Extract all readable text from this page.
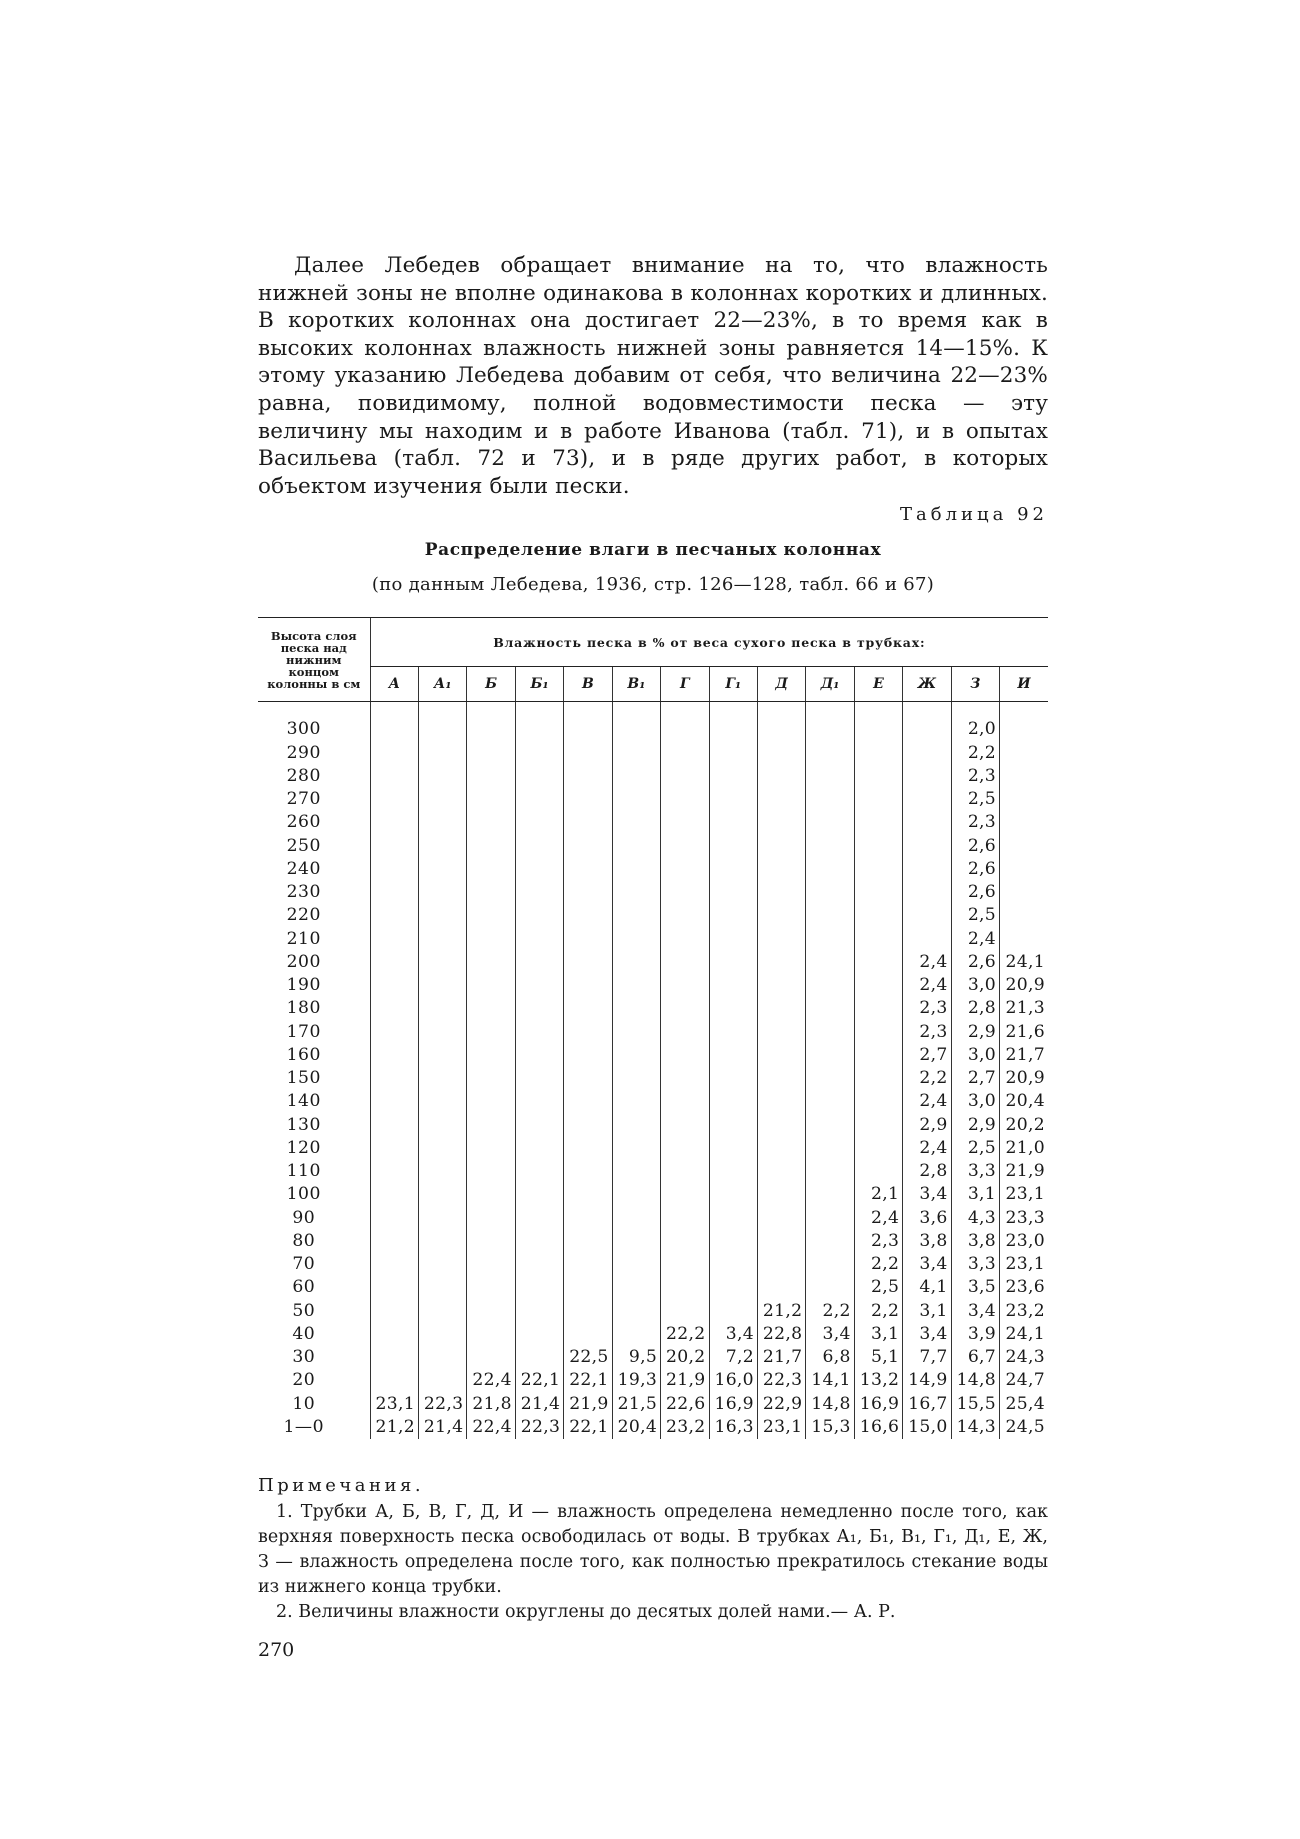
Далее Лебедев обращает внимание на то, что влажность нижней зоны не вполне одинакова в колоннах коротких и длинных. В коротких колоннах она достигает 22—23%, в то время как в высоких колоннах влажность нижней зоны равняется 14—15%. К этому указанию Лебедева добавим от себя, что величина 22—23% равна, повидимому, полной водовместимости песка — эту величину мы находим и в работе Иванова (табл. 71), и в опытах Васильева (табл. 72 и 73), и в ряде других работ, в которых объектом изучения были пески.

Таблица 92
Распределение влаги в песчаных колоннах
(по данным Лебедева, 1936, стр. 126—128, табл. 66 и 67)
Высота слоя песка над нижним концом колонны в см	Влажность песка в % от веса сухого песка в трубках:													
	А	А₁	Б	Б₁	В	В₁	Г	Г₁	Д	Д₁	Е	Ж	З	И

300													2,0	
290													2,2	
280													2,3	
270													2,5	
260													2,3	
250													2,6	
240													2,6	
230													2,6	
220													2,5	
210													2,4	
200												2,4	2,6	24,1
190												2,4	3,0	20,9
180												2,3	2,8	21,3
170												2,3	2,9	21,6
160												2,7	3,0	21,7
150												2,2	2,7	20,9
140												2,4	3,0	20,4
130												2,9	2,9	20,2
120												2,4	2,5	21,0
110												2,8	3,3	21,9
100											2,1	3,4	3,1	23,1
90											2,4	3,6	4,3	23,3
80											2,3	3,8	3,8	23,0
70											2,2	3,4	3,3	23,1
60											2,5	4,1	3,5	23,6
50									21,2	2,2	2,2	3,1	3,4	23,2
40							22,2	3,4	22,8	3,4	3,1	3,4	3,9	24,1
30					22,5	9,5	20,2	7,2	21,7	6,8	5,1	7,7	6,7	24,3
20			22,4	22,1	22,1	19,3	21,9	16,0	22,3	14,1	13,2	14,9	14,8	24,7
10	23,1	22,3	21,8	21,4	21,9	21,5	22,6	16,9	22,9	14,8	16,9	16,7	15,5	25,4
1—0	21,2	21,4	22,4	22,3	22,1	20,4	23,2	16,3	23,1	15,3	16,6	15,0	14,3	24,5
Примечания.

1. Трубки А, Б, В, Г, Д, И — влажность определена немедленно после того, как верхняя поверхность песка освободилась от воды. В трубках А₁, Б₁, В₁, Г₁, Д₁, Е, Ж, З — влажность определена после того, как полностью прекратилось стекание воды из нижнего конца трубки.

2. Величины влажности округлены до десятых долей нами.— А. Р.

270
